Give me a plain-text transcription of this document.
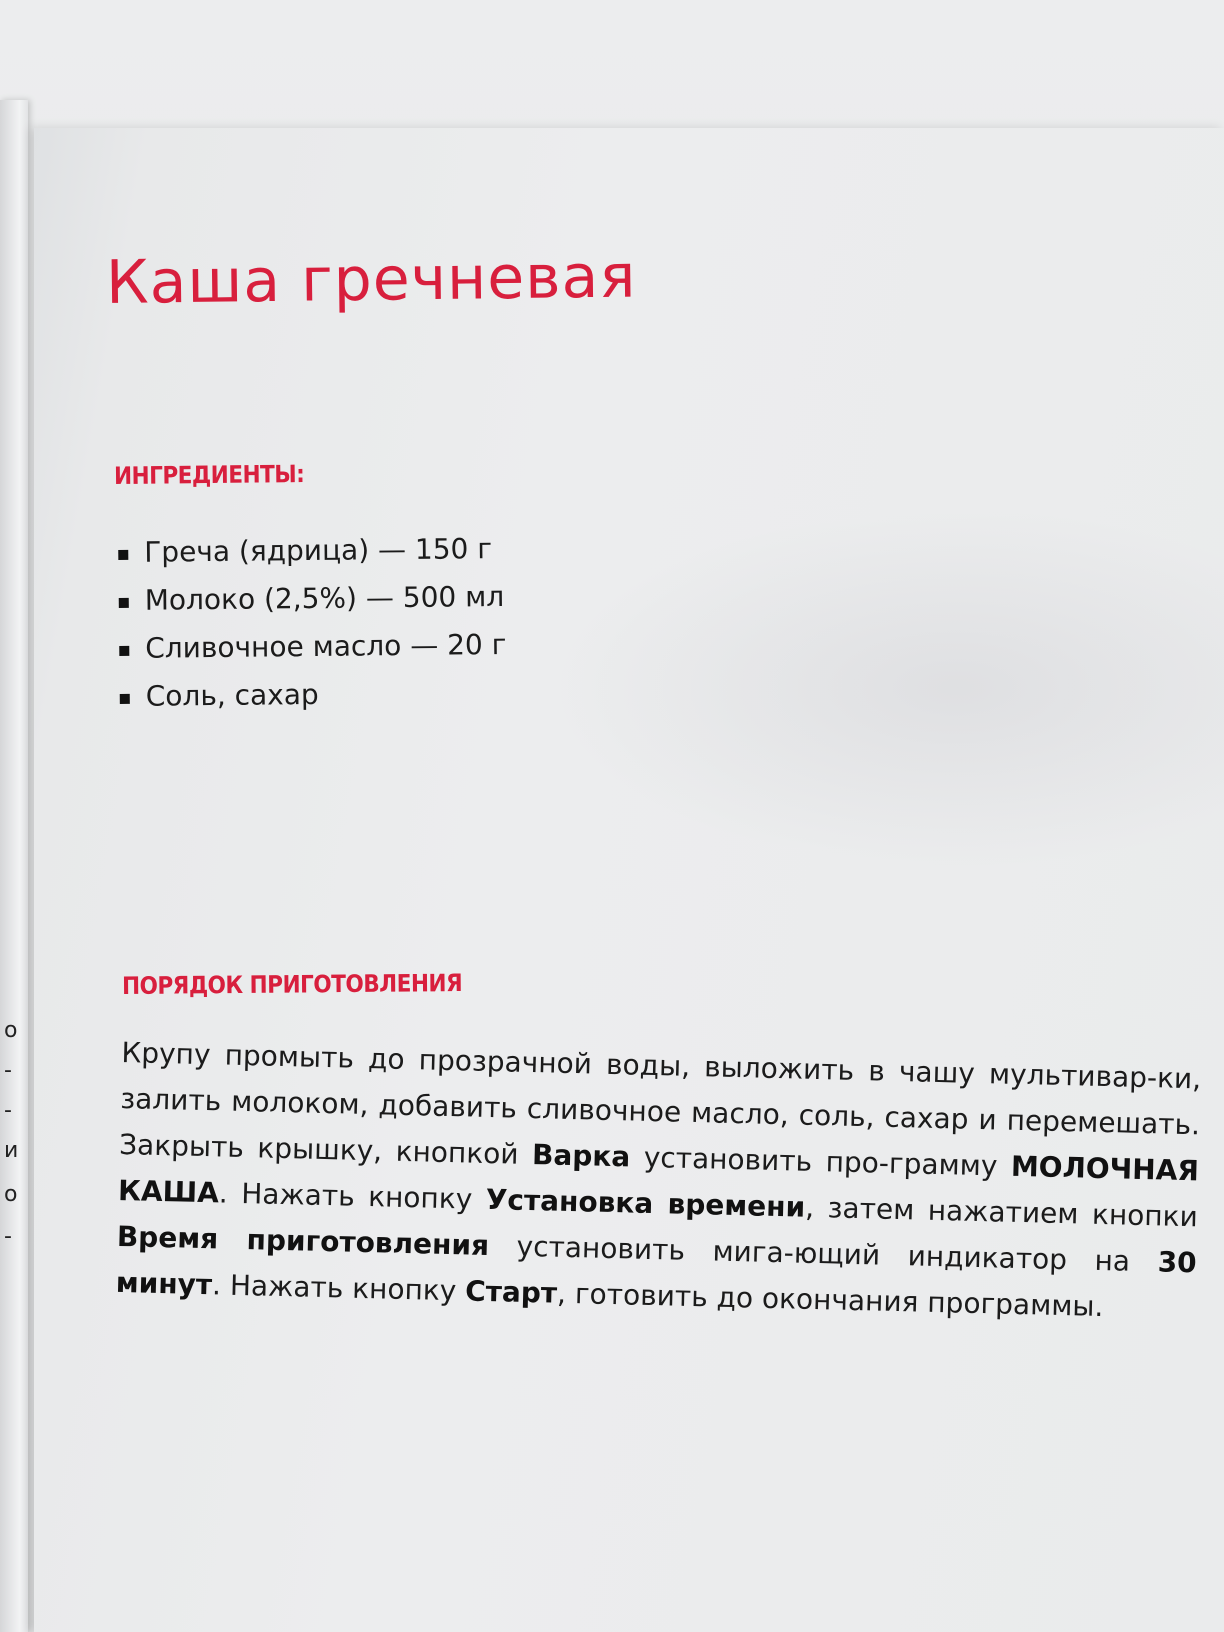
о
-
-
и
о
-
Каша гречневая
ИНГРЕДИЕНТЫ:
Греча (ядрица) — 150 г
Молоко (2,5%) — 500 мл
Сливочное масло — 20 г
Соль, сахар
ПОРЯДОК ПРИГОТОВЛЕНИЯ

Крупу промыть до прозрачной воды, выложить в чашу мультивар-ки, залить молоком, добавить сливочное масло, соль, сахар и перемешать. Закрыть крышку, кнопкой Варка установить про-грамму МОЛОЧНАЯ КАША. Нажать кнопку Установка времени, затем нажатием кнопки Время приготовления установить мига-ющий индикатор на 30 минут. Нажать кнопку Старт, готовить до окончания программы.
